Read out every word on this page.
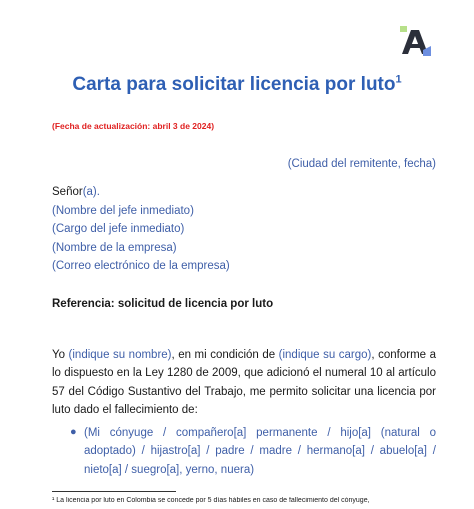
Carta para solicitar licencia por luto$^1$
(Fecha de actualización: abril 3 de 2024)
(Ciudad del remitente, fecha)
Señor(a).
(Nombre del jefe inmediato)
(Cargo del jefe inmediato)
(Nombre de la empresa)
(Correo electrónico de la empresa)
Referencia: solicitud de licencia por luto
Yo (indique su nombre), en mi condición de (indique su cargo), conforme a lo dispuesto en la Ley 1280 de 2009, que adicionó el numeral 10 al artículo 57 del Código Sustantivo del Trabajo, me permito solicitar una licencia por luto dado el fallecimiento de:
● (Mi cónyuge / compañero[a] permanente / hijo[a] (natural o adoptado) / hijastro[a] / padre / madre / hermano[a] / abuelo[a] / nieto[a] / suegro[a], yerno, nuera)
¹ La licencia por luto en Colombia se concede por 5 días hábiles en caso de fallecimiento del cónyuge,
